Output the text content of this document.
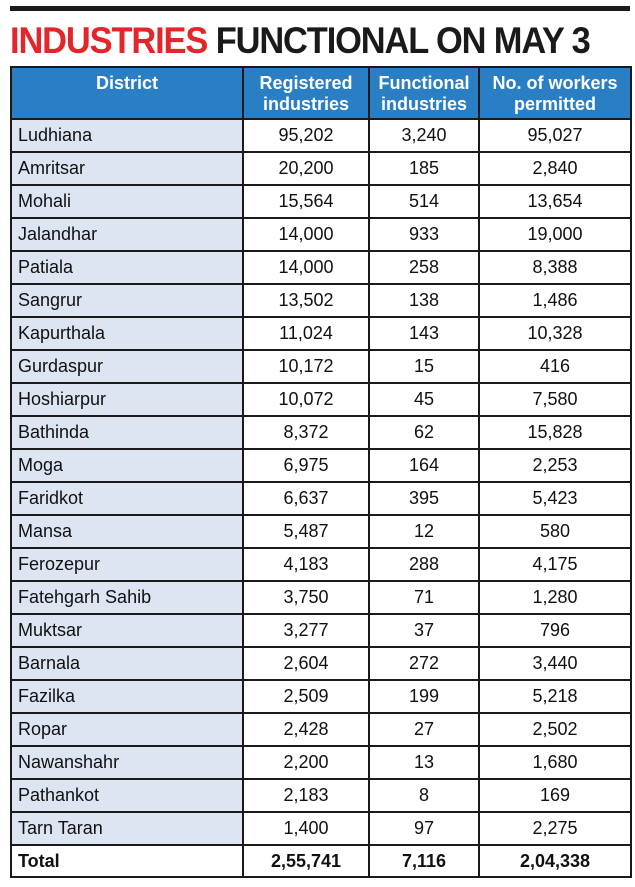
INDUSTRIES FUNCTIONAL ON MAY 3
District	Registered industries	Functional industries	No. of workers permitted
Ludhiana	95,202	3,240	95,027
Amritsar	20,200	185	2,840
Mohali	15,564	514	13,654
Jalandhar	14,000	933	19,000
Patiala	14,000	258	8,388
Sangrur	13,502	138	1,486
Kapurthala	11,024	143	10,328
Gurdaspur	10,172	15	416
Hoshiarpur	10,072	45	7,580
Bathinda	8,372	62	15,828
Moga	6,975	164	2,253
Faridkot	6,637	395	5,423
Mansa	5,487	12	580
Ferozepur	4,183	288	4,175
Fatehgarh Sahib	3,750	71	1,280
Muktsar	3,277	37	796
Barnala	2,604	272	3,440
Fazilka	2,509	199	5,218
Ropar	2,428	27	2,502
Nawanshahr	2,200	13	1,680
Pathankot	2,183	8	169
Tarn Taran	1,400	97	2,275
Total	2,55,741	7,116	2,04,338
